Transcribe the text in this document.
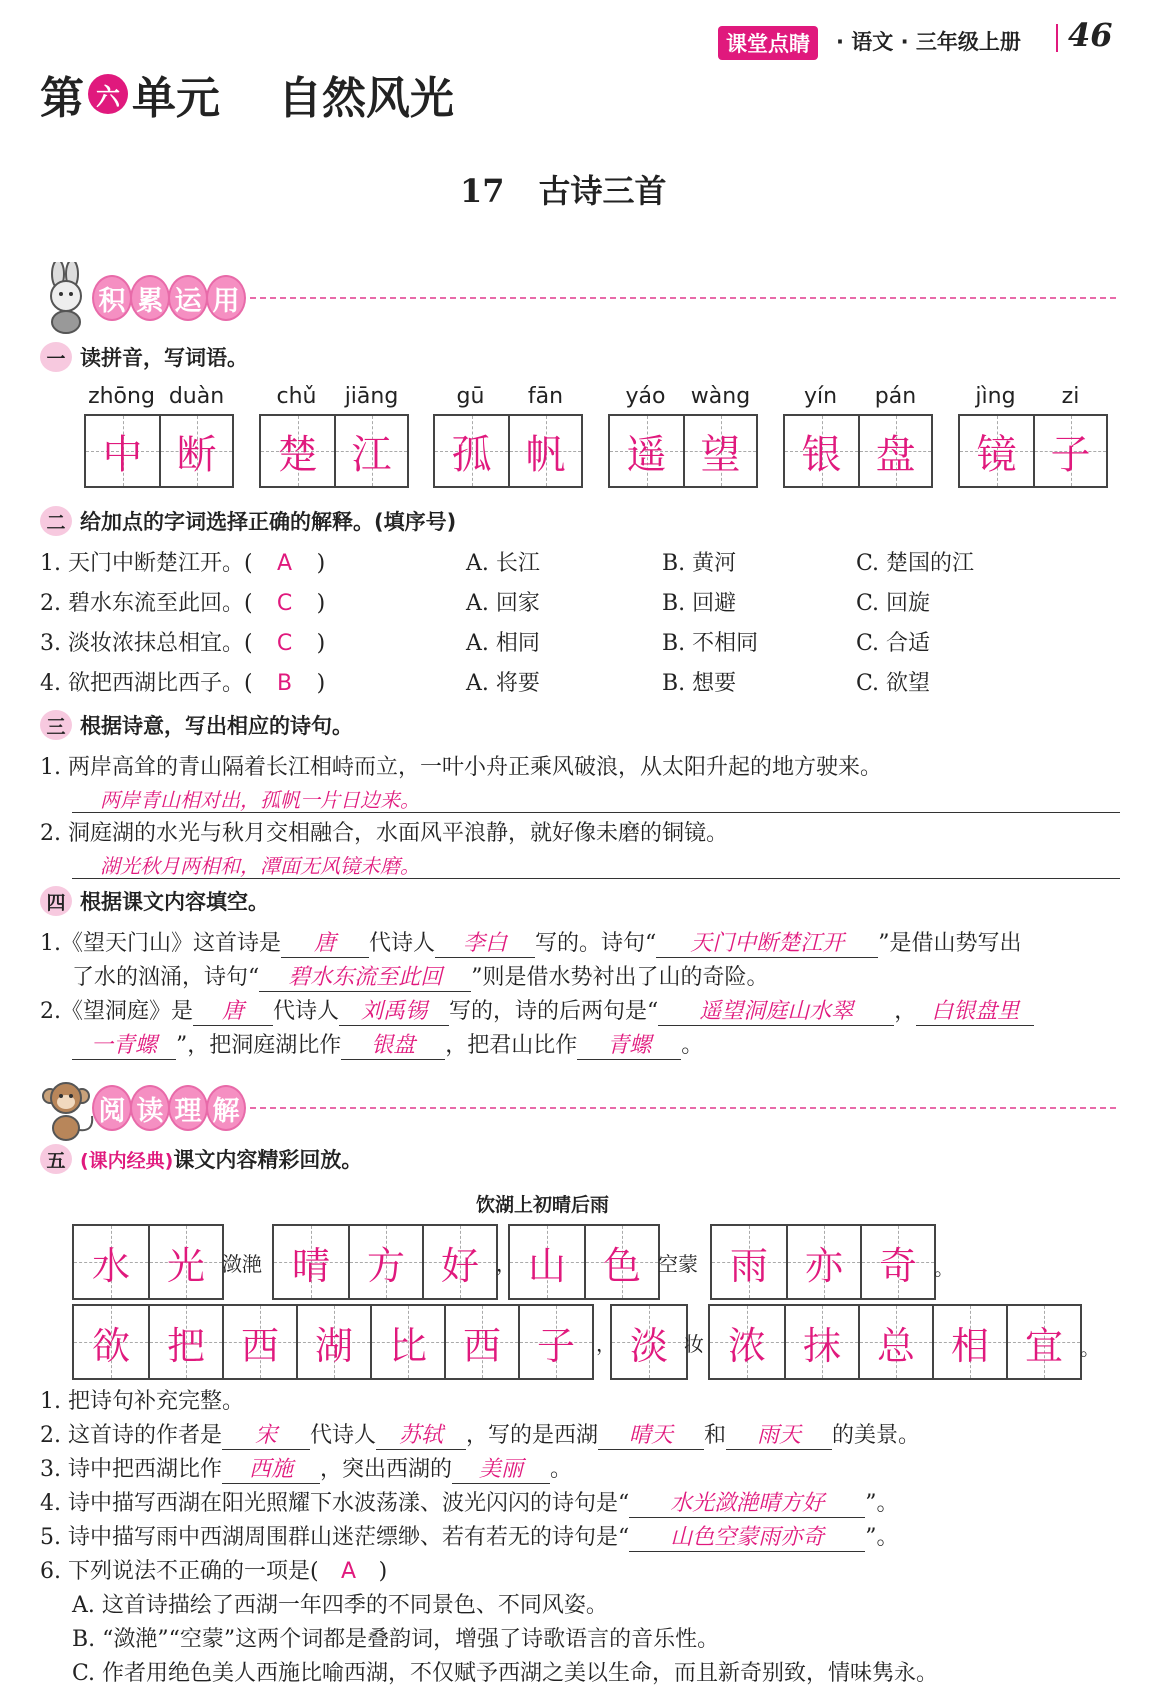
课堂点睛	· 语文 · 三年级上册 46
第 六 单元 自然风光
17 古诗三首
积 累 运 用
一 读拼音，写词语。
zhōng duàn
中 断
chǔ	jiāng
楚 江
gū	fān
孤 帆
yáo	wàng
遥 望
yín	pán
银 盘
jìng	zi
镜 子
二 给加点的字词选择正确的解释。(填序号)
1. 天门中断楚江开。( A )	A. 长江	B. 黄河	C. 楚国的江
2. 碧水东流至此回。( C )	A. 回家	B. 回避	C. 回旋
3. 淡妆浓抹总相宜。( C )	A. 相同	B. 不相同	C. 合适
4. 欲把西湖比西子。( B )	A. 将要	B. 想要	C. 欲望
三 根据诗意，写出相应的诗句。
1. 两岸高耸的青山隔着长江相峙而立，一叶小舟正乘风破浪，从太阳升起的地方驶来。
两岸青山相对出，孤帆一片日边来。
2. 洞庭湖的水光与秋月交相融合，水面风平浪静，就好像未磨的铜镜。
湖光秋月两相和，潭面无风镜未磨。
四 根据课文内容填空。
1.《望天门山》这首诗是 唐 代诗人 李白 写的。诗句“ 天门中断楚江开 ”是借山势写出
了水的汹涌，诗句“ 碧水东流至此回 ”则是借水势衬出了山的奇险。
2.《望洞庭》是 唐 代诗人 刘禹锡 写的，诗的后两句是“ 遥望洞庭山水翠 ， 白银盘里
一青螺 ”，把洞庭湖比作 银盘 ，把君山比作 青螺 。
阅 读 理 解
五 (课内经典) 课文内容精彩回放。
饮湖上初晴后雨
水 光 潋滟 晴 方 好 ， 山 色 空蒙 雨 亦 奇 。
欲 把 西 湖 比 西 子 ， 淡 妆 浓 抹 总 相 宜 。
1. 把诗句补充完整。
2. 这首诗的作者是 宋 代诗人 苏轼 ，写的是西湖 晴天 和 雨天 的美景。
3. 诗中把西湖比作 西施 ，突出西湖的 美丽 。
4. 诗中描写西湖在阳光照耀下水波荡漾、波光闪闪的诗句是“ 水光潋滟晴方好 ”。
5. 诗中描写雨中西湖周围群山迷茫缥缈、若有若无的诗句是“ 山色空蒙雨亦奇 ”。
6. 下列说法不正确的一项是( A )
A. 这首诗描绘了西湖一年四季的不同景色、不同风姿。
B. “潋滟”“空蒙”这两个词都是叠韵词，增强了诗歌语言的音乐性。
C. 作者用绝色美人西施比喻西湖，不仅赋予西湖之美以生命，而且新奇别致，情味隽永。
